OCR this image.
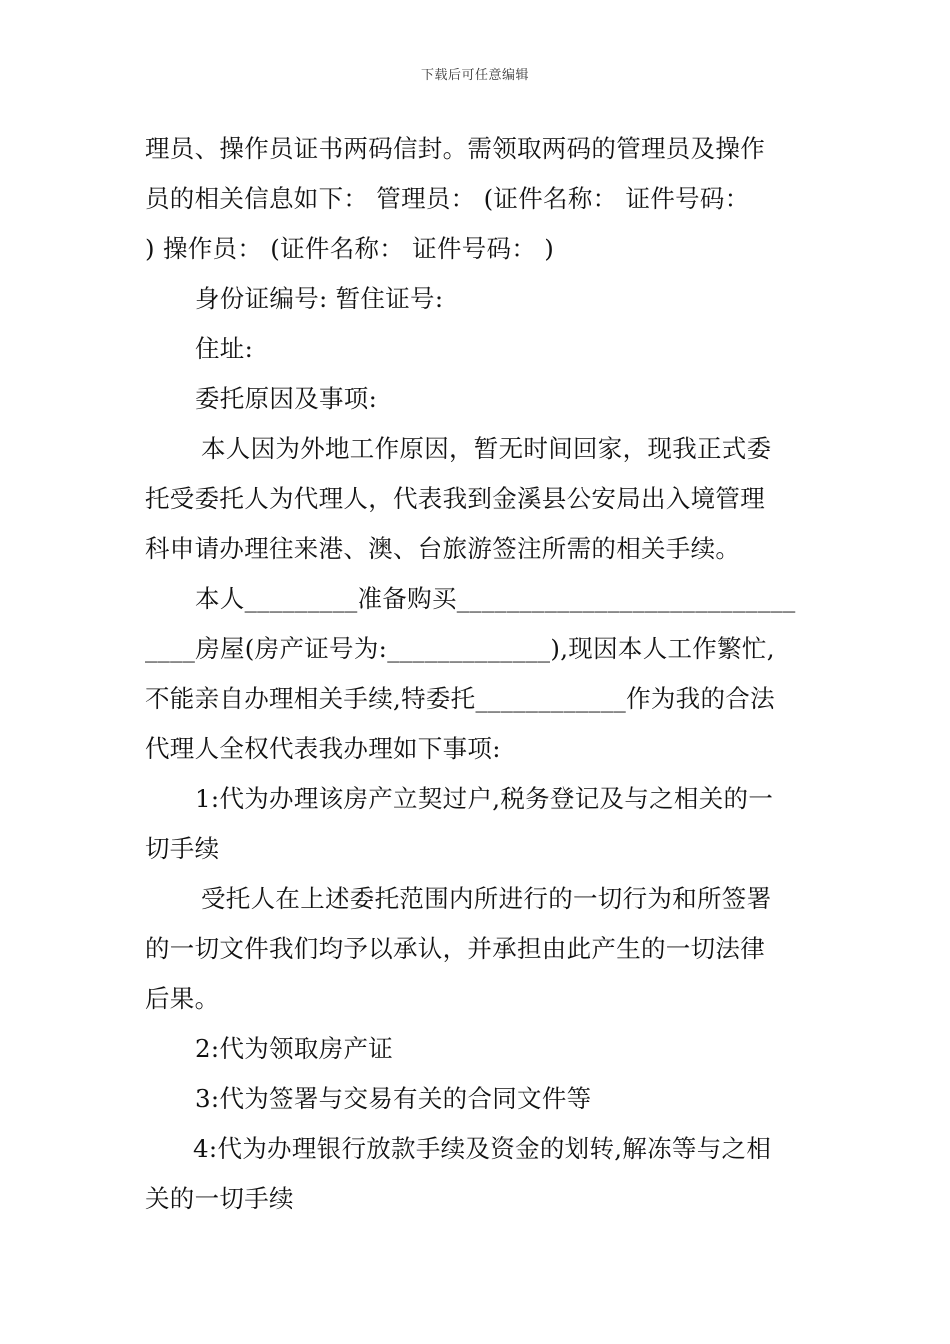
下载后可任意编辑
理员、操作员证书两码信封。需领取两码的管理员及操作
员的相关信息如下： 管理员： (证件名称： 证件号码：
) 操作员： (证件名称： 证件号码： )
身份证编号: 暂住证号:
住址:
委托原因及事项:
本人因为外地工作原因，暂无时间回家，现我正式委
托受委托人为代理人，代表我到金溪县公安局出入境管理
科申请办理往来港、澳、台旅游签注所需的相关手续。
本人_________准备购买___________________________
____房屋(房产证号为:_____________),现因本人工作繁忙,
不能亲自办理相关手续,特委托____________作为我的合法
代理人全权代表我办理如下事项:
1:代为办理该房产立契过户,税务登记及与之相关的一
切手续
受托人在上述委托范围内所进行的一切行为和所签署
的一切文件我们均予以承认，并承担由此产生的一切法律
后果。
2:代为领取房产证
3:代为签署与交易有关的合同文件等
4:代为办理银行放款手续及资金的划转,解冻等与之相
关的一切手续
